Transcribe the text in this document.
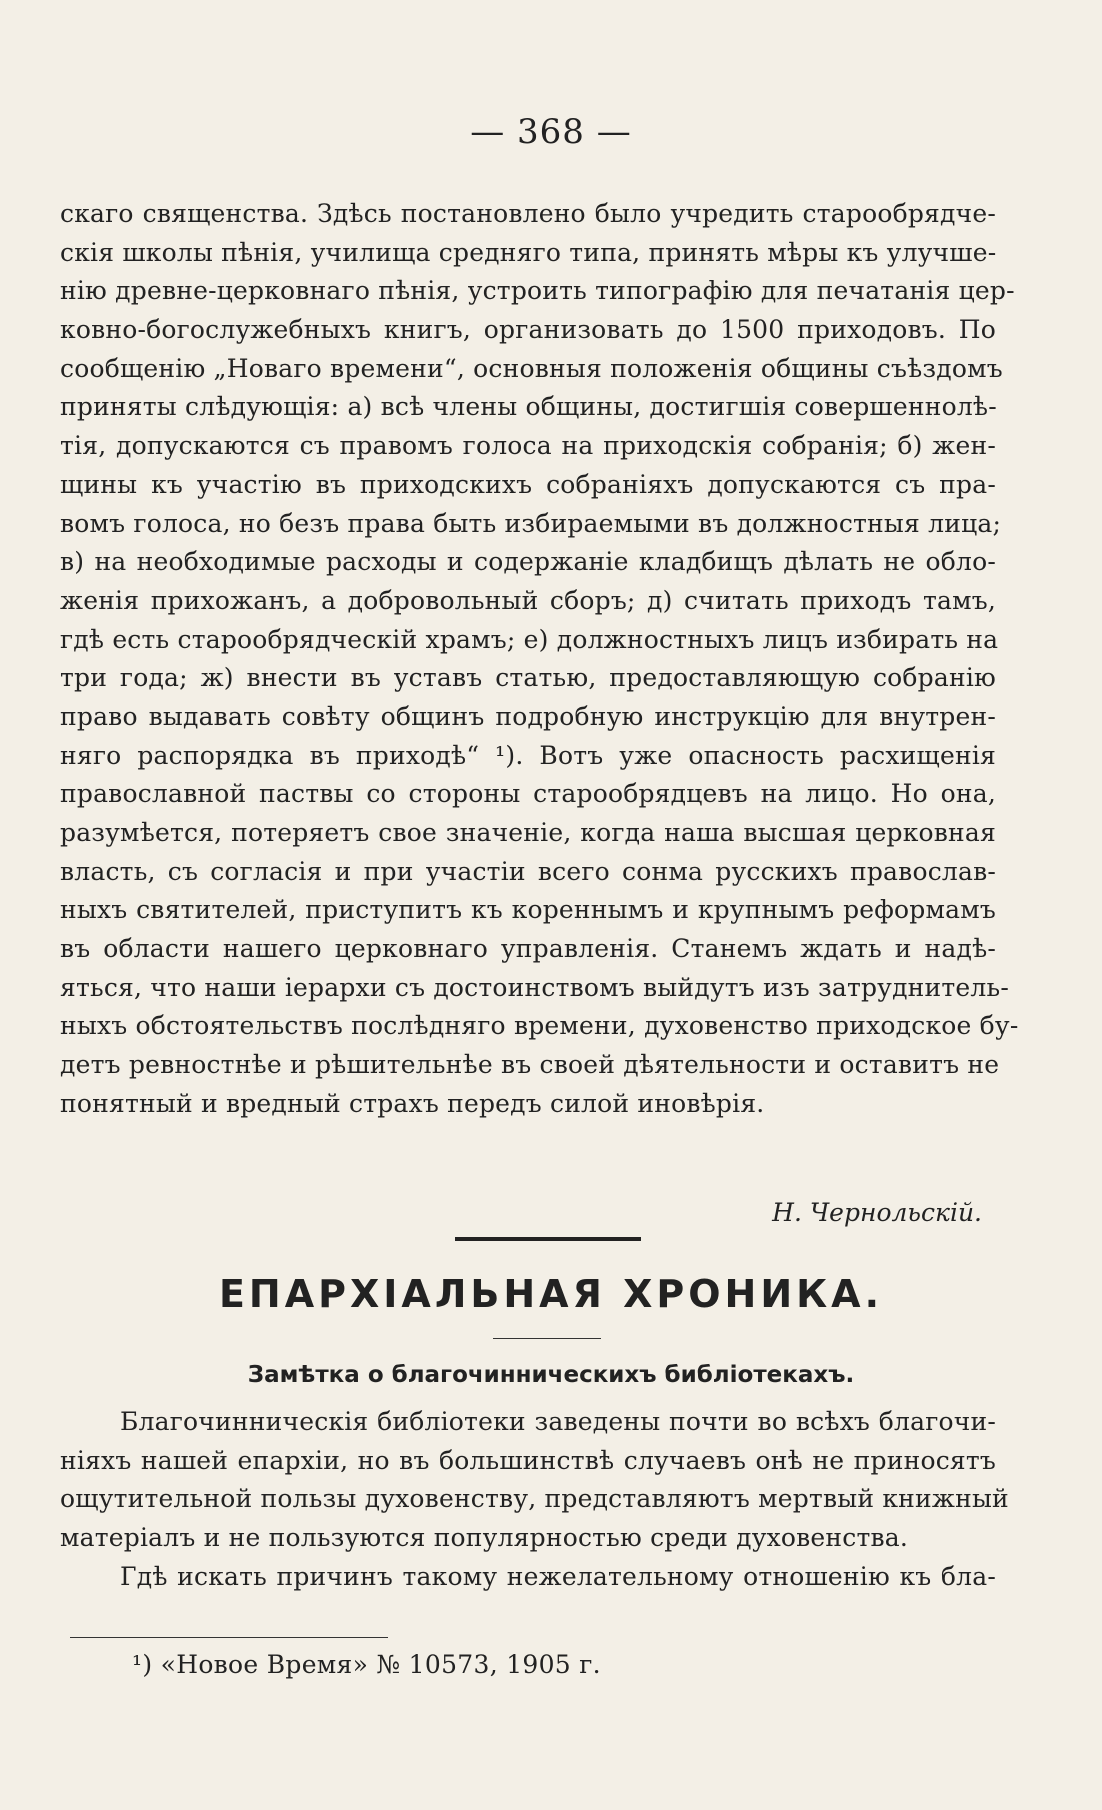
— 368 —
скаго священства. Здѣсь постановлено было учредить старообрядче-
скія школы пѣнія, училища средняго типа, принять мѣры къ улучше-
нію древне-церковнаго пѣнія, устроить типографію для печатанія цер-
ковно-богослужебныхъ книгъ, организовать до 1500 приходовъ. По
сообщенію „Новаго времени“, основныя положенія общины съѣздомъ
приняты слѣдующія: а) всѣ члены общины, достигшія совершеннолѣ-
тія, допускаются съ правомъ голоса на приходскія собранія; б) жен-
щины къ участію въ приходскихъ собраніяхъ допускаются съ пра-
вомъ голоса, но безъ права быть избираемыми въ должностныя лица;
в) на необходимые расходы и содержаніе кладбищъ дѣлать не обло-
женія прихожанъ, а добровольный сборъ; д) считать приходъ тамъ,
гдѣ есть старообрядческій храмъ; е) должностныхъ лицъ избирать на
три года; ж) внести въ уставъ статью, предоставляющую собранію
право выдавать совѣту общинъ подробную инструкцію для внутрен-
няго распорядка въ приходѣ“ ¹). Вотъ уже опасность расхищенія
православной паствы со стороны старообрядцевъ на лицо. Но она,
разумѣется, потеряетъ свое значеніе, когда наша высшая церковная
власть, съ согласія и при участіи всего сонма русскихъ православ-
ныхъ святителей, приступитъ къ кореннымъ и крупнымъ реформамъ
въ области нашего церковнаго управленія. Станемъ ждать и надѣ-
яться, что наши іерархи съ достоинствомъ выйдутъ изъ затруднитель-
ныхъ обстоятельствъ послѣдняго времени, духовенство приходское бу-
детъ ревностнѣе и рѣшительнѣе въ своей дѣятельности и оставитъ не
понятный и вредный страхъ передъ силой иновѣрія.
Н. Чернольскій.
ЕПАРХІАЛЬНАЯ ХРОНИКА.
Замѣтка о благочинническихъ библіотекахъ.
Благочинническія библіотеки заведены почти во всѣхъ благочи-
ніяхъ нашей епархіи, но въ большинствѣ случаевъ онѣ не приносятъ
ощутительной пользы духовенству, представляютъ мертвый книжный
матеріалъ и не пользуются популярностью среди духовенства.
Гдѣ искать причинъ такому нежелательному отношенію къ бла-
¹) «Новое Время» № 10573, 1905 г.
